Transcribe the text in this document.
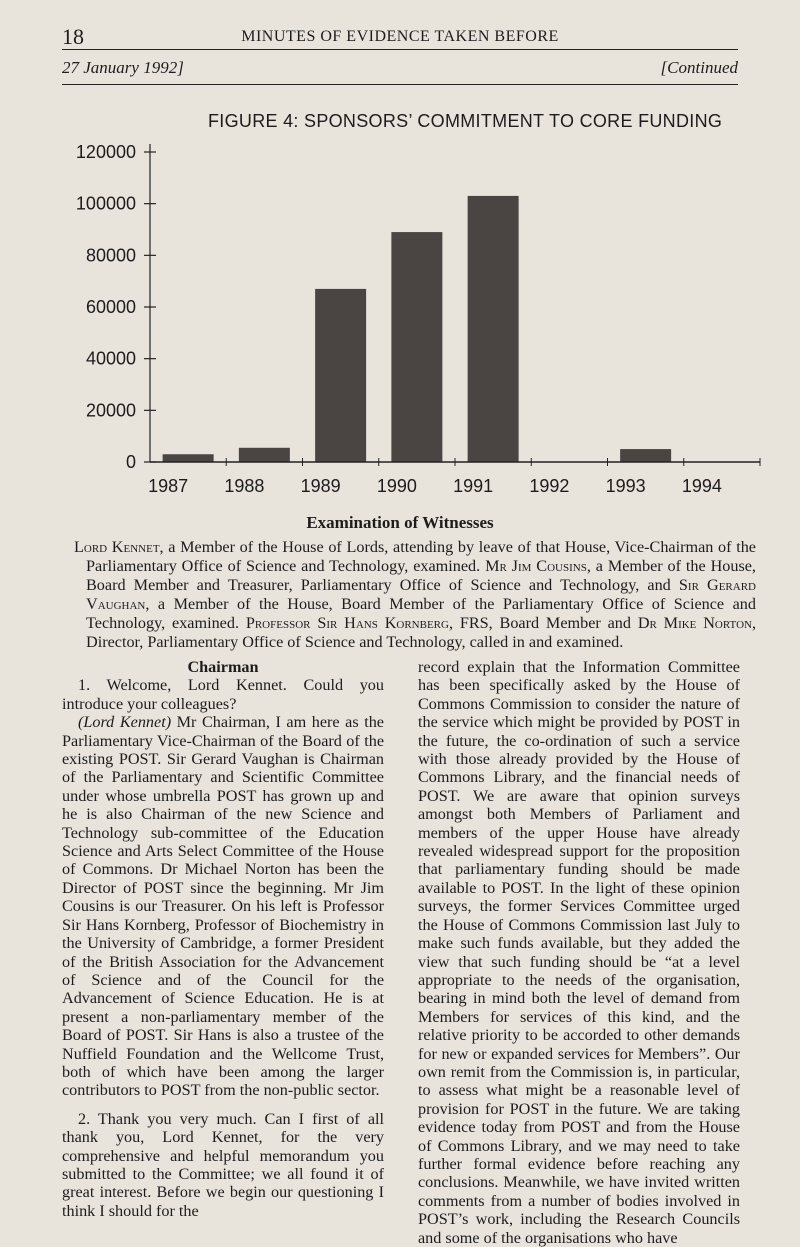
18	MINUTES OF EVIDENCE TAKEN BEFORE
27 January 1992]	[Continued
FIGURE 4: SPONSORS’ COMMITMENT TO CORE FUNDING
0
20000
40000
60000
80000
100000
120000
1987 1988 1989 1990 1991 1992 1993 1994
Examination of Witnesses
Lord Kennet, a Member of the House of Lords, attending by leave of that House, Vice-Chairman of the Parliamentary Office of Science and Technology, examined. Mr Jim Cousins, a Member of the House, Board Member and Treasurer, Parliamentary Office of Science and Technology, and Sir Gerard Vaughan, a Member of the House, Board Member of the Parliamentary Office of Science and Technology, examined. Professor Sir Hans Kornberg, FRS, Board Member and Dr Mike Norton, Director, Parliamentary Office of Science and Technology, called in and examined.

Chairman

1. Welcome, Lord Kennet. Could you introduce your colleagues?

(Lord Kennet) Mr Chairman, I am here as the Parliamentary Vice-Chairman of the Board of the existing POST. Sir Gerard Vaughan is Chairman of the Parliamentary and Scientific Committee under whose umbrella POST has grown up and he is also Chairman of the new Science and Technology sub-committee of the Education Science and Arts Select Committee of the House of Commons. Dr Michael Norton has been the Director of POST since the beginning. Mr Jim Cousins is our Treasurer. On his left is Professor Sir Hans Kornberg, Professor of Biochemistry in the University of Cambridge, a former President of the British Association for the Advancement of Science and of the Council for the Advancement of Science Education. He is at present a non-parliamentary member of the Board of POST. Sir Hans is also a trustee of the Nuffield Foundation and the Wellcome Trust, both of which have been among the larger contributors to POST from the non-public sector.

2. Thank you very much. Can I first of all thank you, Lord Kennet, for the very comprehensive and helpful memorandum you submitted to the Committee; we all found it of great interest. Before we begin our questioning I think I should for the

record explain that the Information Committee has been specifically asked by the House of Commons Commission to consider the nature of the service which might be provided by POST in the future, the co-ordination of such a service with those already provided by the House of Commons Library, and the financial needs of POST. We are aware that opinion surveys amongst both Members of Parliament and members of the upper House have already revealed widespread support for the proposition that parliamentary funding should be made available to POST. In the light of these opinion surveys, the former Services Committee urged the House of Commons Commission last July to make such funds available, but they added the view that such funding should be “at a level appropriate to the needs of the organisation, bearing in mind both the level of demand from Members for services of this kind, and the relative priority to be accorded to other demands for new or expanded services for Members”. Our own remit from the Commission is, in particular, to assess what might be a reasonable level of provision for POST in the future. We are taking evidence today from POST and from the House of Commons Library, and we may need to take further formal evidence before reaching any conclusions. Meanwhile, we have invited written comments from a number of bodies involved in POST’s work, including the Research Councils and some of the organisations who have
